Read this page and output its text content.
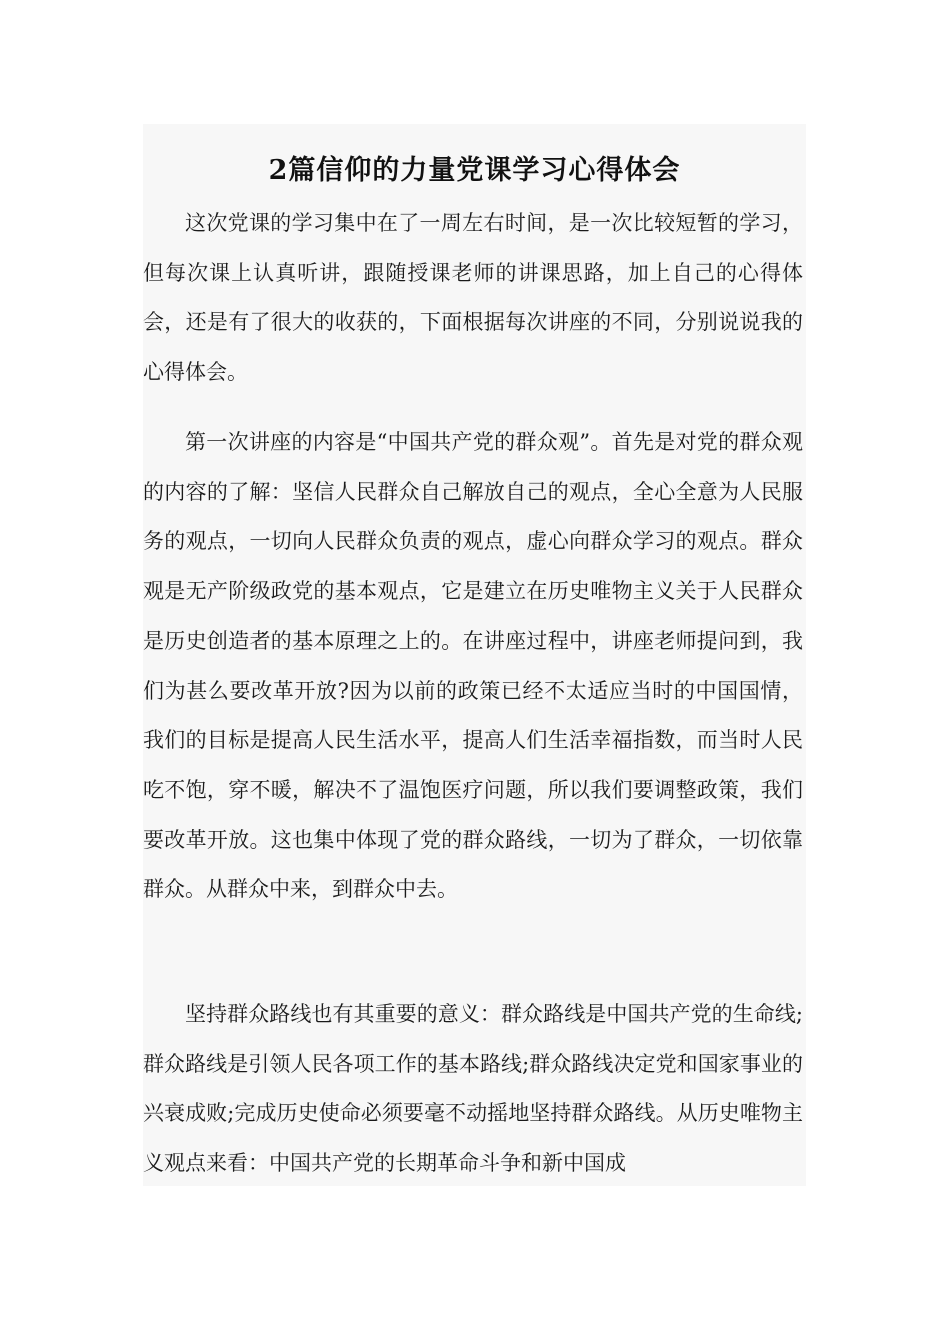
2篇信仰的力量党课学习心得体会

这次党课的学习集中在了一周左右时间，是一次比较短暂的学习，但每次课上认真听讲，跟随授课老师的讲课思路，加上自己的心得体会，还是有了很大的收获的，下面根据每次讲座的不同，分别说说我的心得体会。

第一次讲座的内容是“中国共产党的群众观”。首先是对党的群众观的内容的了解：坚信人民群众自己解放自己的观点，全心全意为人民服务的观点，一切向人民群众负责的观点，虚心向群众学习的观点。群众观是无产阶级政党的基本观点，它是建立在历史唯物主义关于人民群众是历史创造者的基本原理之上的。在讲座过程中，讲座老师提问到，我们为甚么要改革开放?因为以前的政策已经不太适应当时的中国国情，我们的目标是提高人民生活水平，提高人们生活幸福指数，而当时人民吃不饱，穿不暖，解决不了温饱医疗问题，所以我们要调整政策，我们要改革开放。这也集中体现了党的群众路线，一切为了群众，一切依靠群众。从群众中来，到群众中去。

坚持群众路线也有其重要的意义：群众路线是中国共产党的生命线;群众路线是引领人民各项工作的基本路线;群众路线决定党和国家事业的兴衰成败;完成历史使命必须要毫不动摇地坚持群众路线。从历史唯物主义观点来看：中国共产党的长期革命斗争和新中国成
